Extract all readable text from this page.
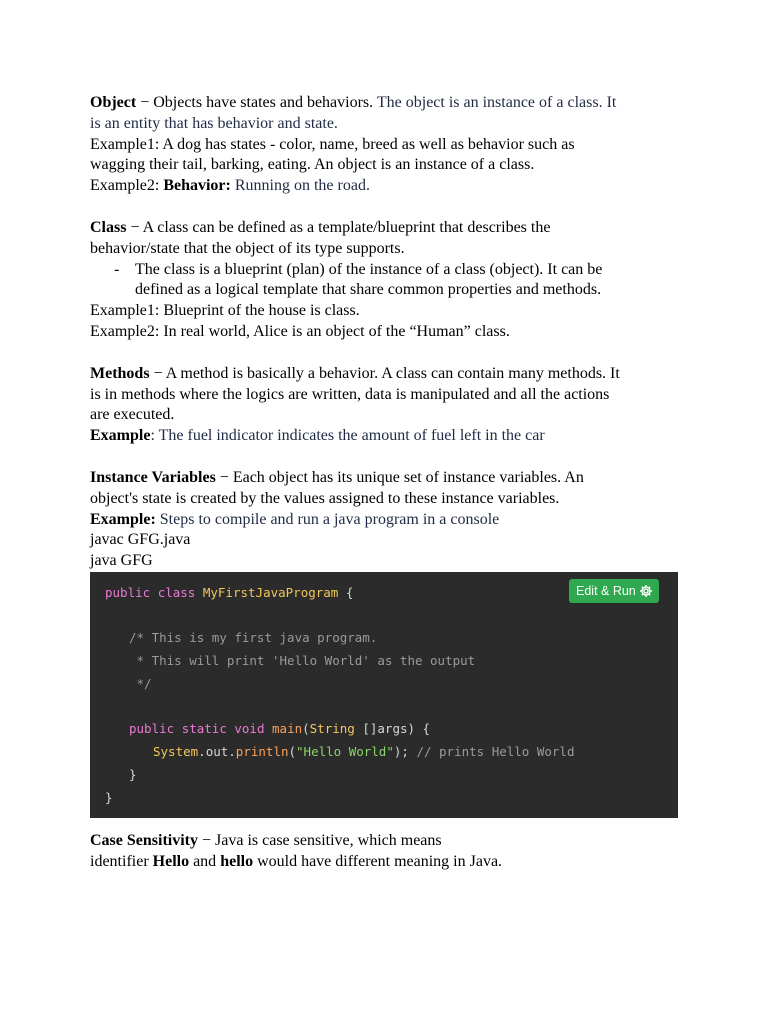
Object − Objects have states and behaviors. The object is an instance of a class. It
is an entity that has behavior and state.
Example1: A dog has states - color, name, breed as well as behavior such as
wagging their tail, barking, eating. An object is an instance of a class.
Example2: Behavior: Running on the road.
Class − A class can be defined as a template/blueprint that describes the
behavior/state that the object of its type supports.
- The class is a blueprint (plan) of the instance of a class (object). It can be
defined as a logical template that share common properties and methods.
Example1: Blueprint of the house is class.
Example2: In real world, Alice is an object of the “Human” class.
Methods − A method is basically a behavior. A class can contain many methods. It
is in methods where the logics are written, data is manipulated and all the actions
are executed.
Example: The fuel indicator indicates the amount of fuel left in the car
Instance Variables − Each object has its unique set of instance variables. An
object's state is created by the values assigned to these instance variables.
Example: Steps to compile and run a java program in a console
javac GFG.java
java GFG
Edit & Run
public class MyFirstJavaProgram {
/* This is my first java program.
* This will print 'Hello World' as the output
*/
public static void main(String []args) {
System.out.println("Hello World"); // prints Hello World
}
}
Case Sensitivity − Java is case sensitive, which means
identifier Hello and hello would have different meaning in Java.
